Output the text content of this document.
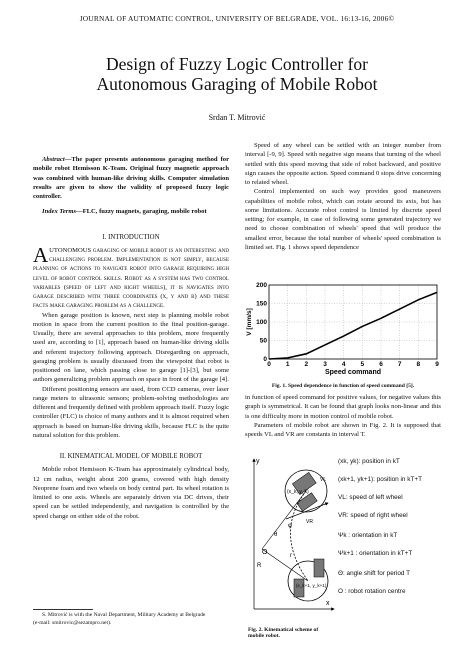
JOURNAL OF AUTOMATIC CONTROL, UNIVERSITY OF BELGRADE, VOL. 16:13-16, 2006©
Design of Fuzzy Logic Controller for
Autonomous Garaging of Mobile Robot
Srdan T. Mitrović

Abstract—The paper presents autonomous garaging method for mobile robot Hemisson K-Team. Original fuzzy magnetic approach was combined with human-like driving skills. Computer simulation results are given to show the validity of proposed fuzzy logic controller.

Index Terms—FLC, fuzzy magnets, garaging, mobile robot

I. INTRODUCTION

AUTONOMOUS garaging of mobile robot is an interesting and challenging problem. Implementation is not simply, because planning of actions to navigate robot into garage requiring high level of robot control skills. Robot as a system has two control variables (speed of left and right wheels), it is navigates into garage described with three coordinates (x, y and β) and these facts make garaging problem as a challenge.

When garage position is known, next step is planning mobile robot motion in space from the current position to the final position-garage. Usually, there are several approaches to this problem, more frequently used are, according to [1], approach based on human-like driving skills and referent trajectory following approach. Disregarding on approach, garaging problem is usually discussed from the viewpoint that robot is positioned on lane, which passing close to garage [1]-[3], but some authors generalizing problem approach on space in front of the garage [4].

Different positioning sensors are used, from CCD cameras, over laser range meters to ultrasonic sensors; problem-solving methodologies are different and frequently defined with problem approach itself. Fuzzy logic controller (FLC) is choice of many authors and it is almost required when approach is based on human-like driving skills, because FLC is the quite natural solution for this problem.

II. KINEMATICAL MODEL OF MOBILE ROBOT

Mobile robot Hemisson K-Team has approximately cylindrical body, 12 cm radius, weight about 200 grams, covered with high density Neoprene foam and two wheels on body central part. Its wheel rotation is limited to one axis. Wheels are separately driven via DC drives, their speed can be settled independently, and navigation is controlled by the speed change on either side of the robot.

S. Mitrović is with the Naval Department, Military Academy at Belgrade
(e-mail: smitrovic@sezampro.net).

Speed of any wheel can be settled with an integer number from interval [-9, 9]. Speed with negative sign means that turning of the wheel settled with this speed moving that side of robot backward, and positive sign causes the opposite action. Speed command 0 stops drive concerning to related wheel.

Control implemented on such way provides good maneuvers capabilities of mobile robot, which can rotate around its axis, but has some limitations. Accurate robot control is limited by discrete speed setting; for example, in case of following some generated trajectory we need to choose combination of wheels' speed that will produce the smallest error, because the total number of wheels' speed combination is limited set. Fig. 1 shows speed dependence

0 1 2 3 4 5 6 7 8 9
0
50
100
150
200
Speed command
V [mm/s]
Fig. 1. Speed dependence in function of speed command [5].

in function of speed command for positive values, for negative values this graph is symmetrical. It can be found that graph looks non-linear and this is one difficulty more in motion control of mobile robot.

Parameters of mobile robot are shown in Fig. 2. It is supposed that speeds VL and VR are constants in interval T.

y
x
(x_k, y_k)
(x_k+1, y_k+1)
O
θ
φ
r
R
VR
VL
(xk, yk): position in kT
(xk+1, yk+1): position in kT+T
VL: speed of left wheel
VR: speed of right wheel
Ψk : orientation in kT
Ψk+1 : orientation in kT+T
Θ: angle shift for period T
O : robot rotation centre
Fig. 2. Kinematical scheme of
mobile robot.
